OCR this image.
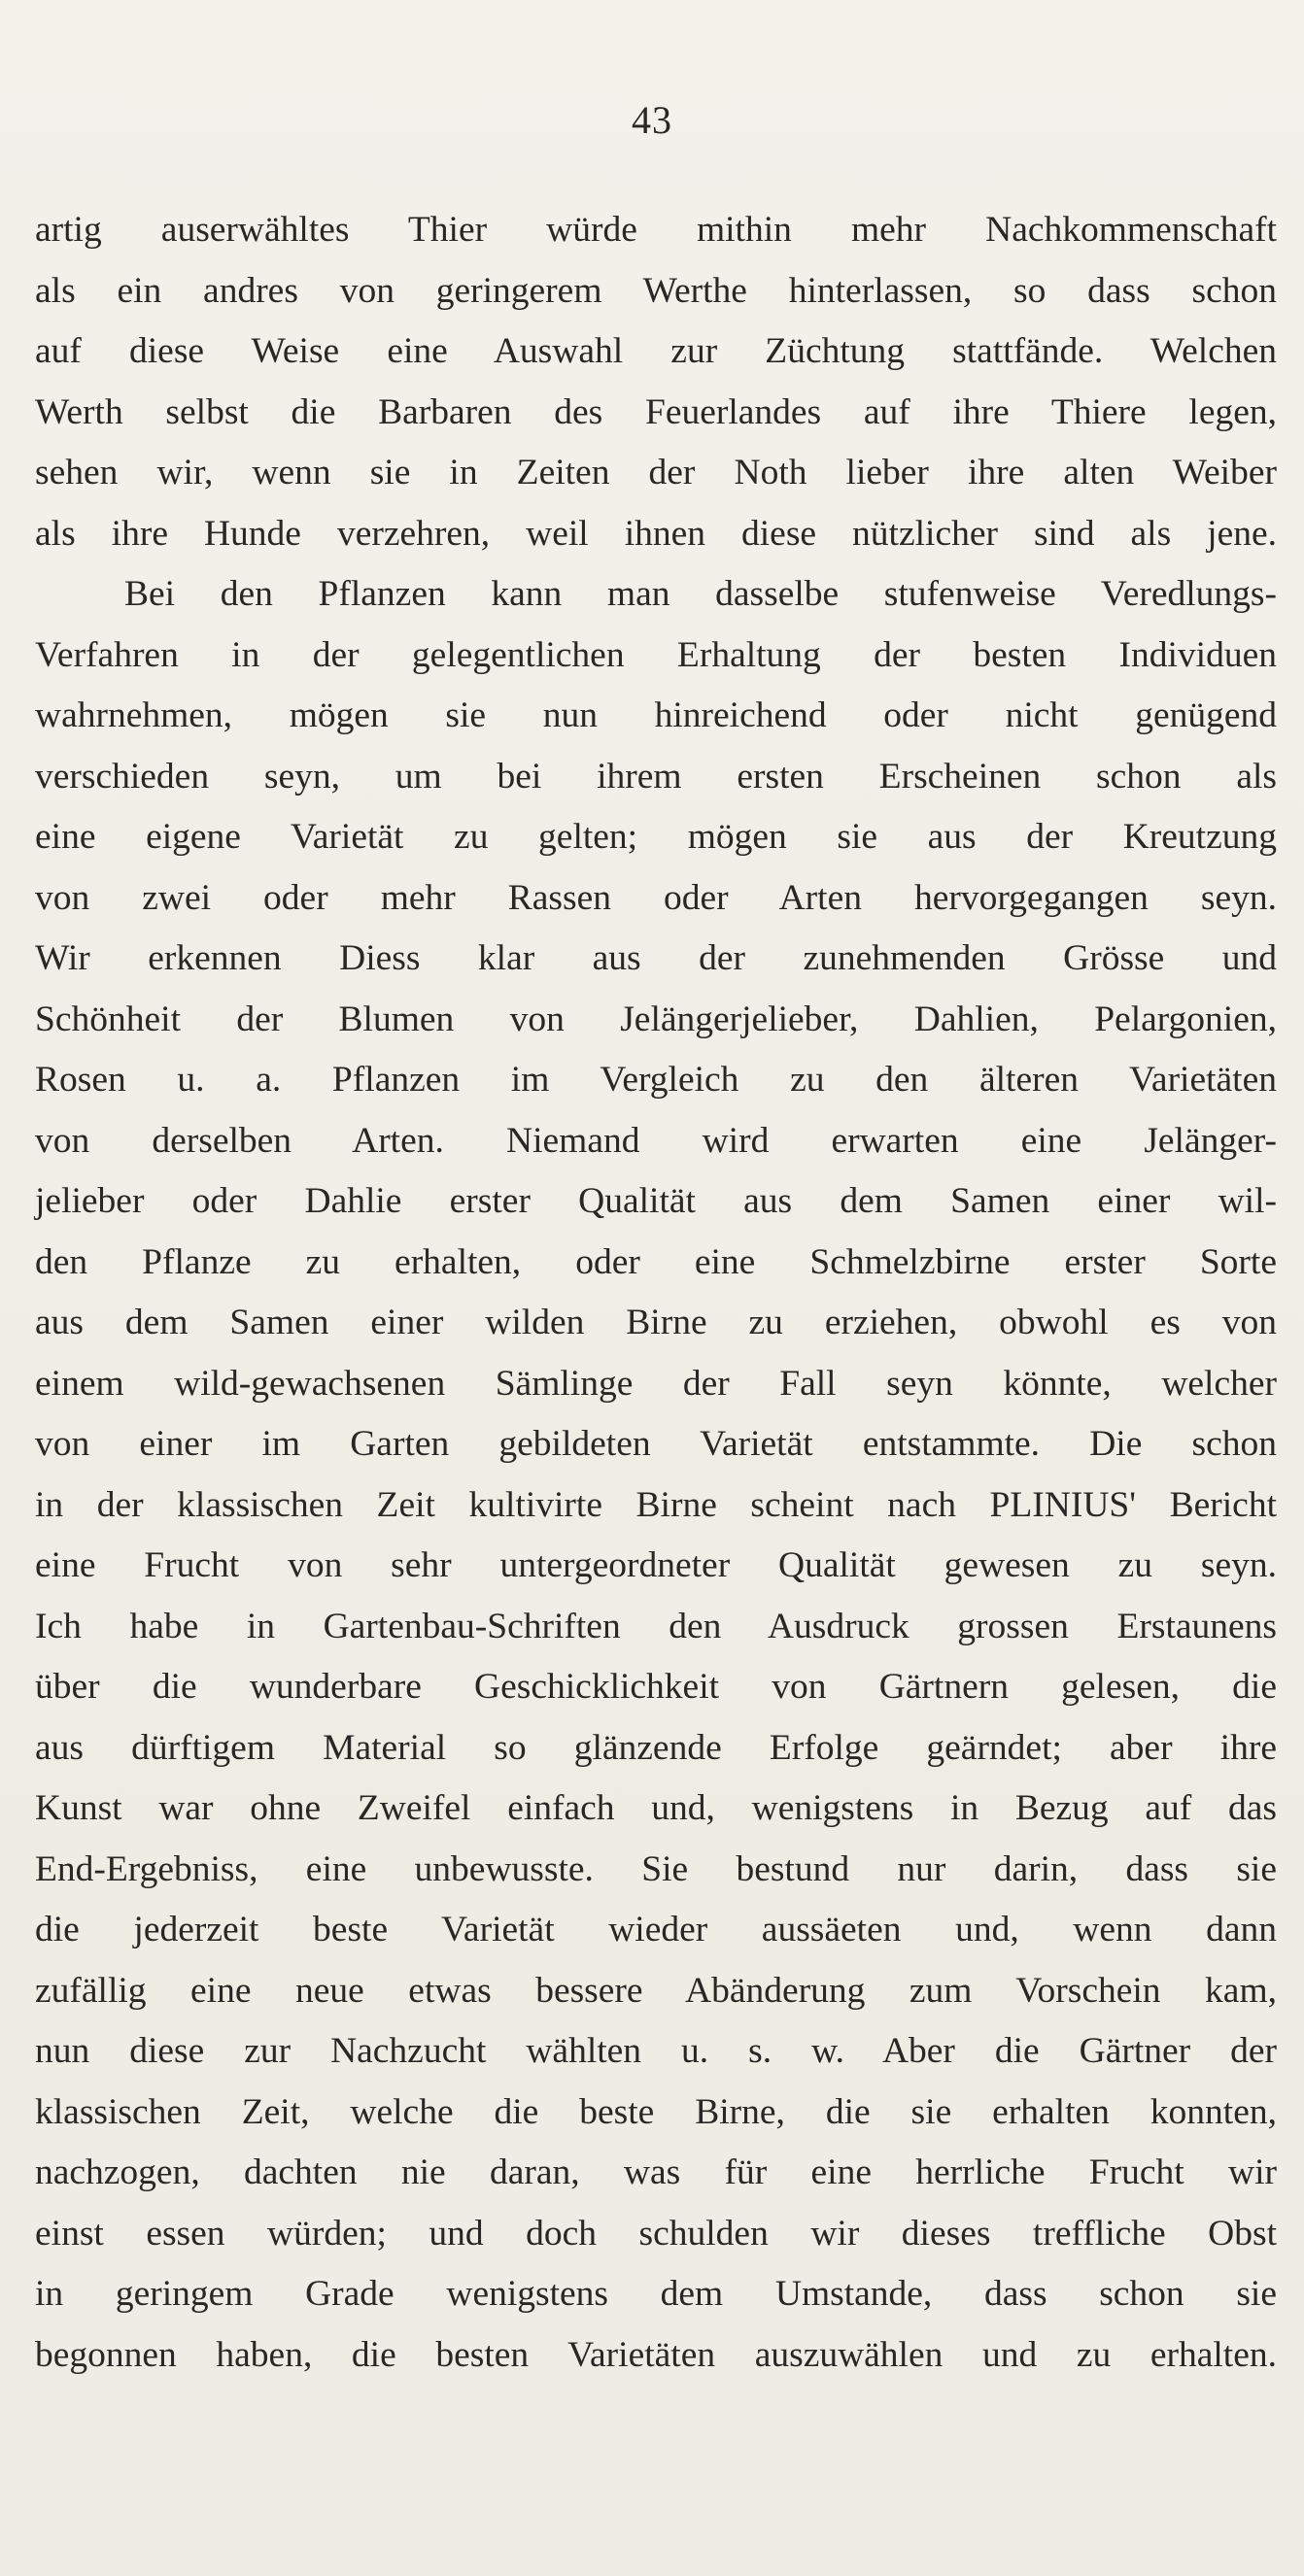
43
artig auserwähltes Thier würde mithin mehr Nachkommenschaft
als ein andres von geringerem Werthe hinterlassen, so dass schon
auf diese Weise eine Auswahl zur Züchtung stattfände. Welchen
Werth selbst die Barbaren des Feuerlandes auf ihre Thiere legen,
sehen wir, wenn sie in Zeiten der Noth lieber ihre alten Weiber
als ihre Hunde verzehren, weil ihnen diese nützlicher sind als jene.
Bei den Pflanzen kann man dasselbe stufenweise Veredlungs-
Verfahren in der gelegentlichen Erhaltung der besten Individuen
wahrnehmen, mögen sie nun hinreichend oder nicht genügend
verschieden seyn, um bei ihrem ersten Erscheinen schon als
eine eigene Varietät zu gelten; mögen sie aus der Kreutzung
von zwei oder mehr Rassen oder Arten hervorgegangen seyn.
Wir erkennen Diess klar aus der zunehmenden Grösse und
Schönheit der Blumen von Jelängerjelieber, Dahlien, Pelargonien,
Rosen u. a. Pflanzen im Vergleich zu den älteren Varietäten
von derselben Arten. Niemand wird erwarten eine Jelänger-
jelieber oder Dahlie erster Qualität aus dem Samen einer wil-
den Pflanze zu erhalten, oder eine Schmelzbirne erster Sorte
aus dem Samen einer wilden Birne zu erziehen, obwohl es von
einem wild-gewachsenen Sämlinge der Fall seyn könnte, welcher
von einer im Garten gebildeten Varietät entstammte. Die schon
in der klassischen Zeit kultivirte Birne scheint nach PLINIUS' Bericht
eine Frucht von sehr untergeordneter Qualität gewesen zu seyn.
Ich habe in Gartenbau-Schriften den Ausdruck grossen Erstaunens
über die wunderbare Geschicklichkeit von Gärtnern gelesen, die
aus dürftigem Material so glänzende Erfolge geärndet; aber ihre
Kunst war ohne Zweifel einfach und, wenigstens in Bezug auf das
End-Ergebniss, eine unbewusste. Sie bestund nur darin, dass sie
die jederzeit beste Varietät wieder aussäeten und, wenn dann
zufällig eine neue etwas bessere Abänderung zum Vorschein kam,
nun diese zur Nachzucht wählten u. s. w. Aber die Gärtner der
klassischen Zeit, welche die beste Birne, die sie erhalten konnten,
nachzogen, dachten nie daran, was für eine herrliche Frucht wir
einst essen würden; und doch schulden wir dieses treffliche Obst
in geringem Grade wenigstens dem Umstande, dass schon sie
begonnen haben, die besten Varietäten auszuwählen und zu erhalten.
